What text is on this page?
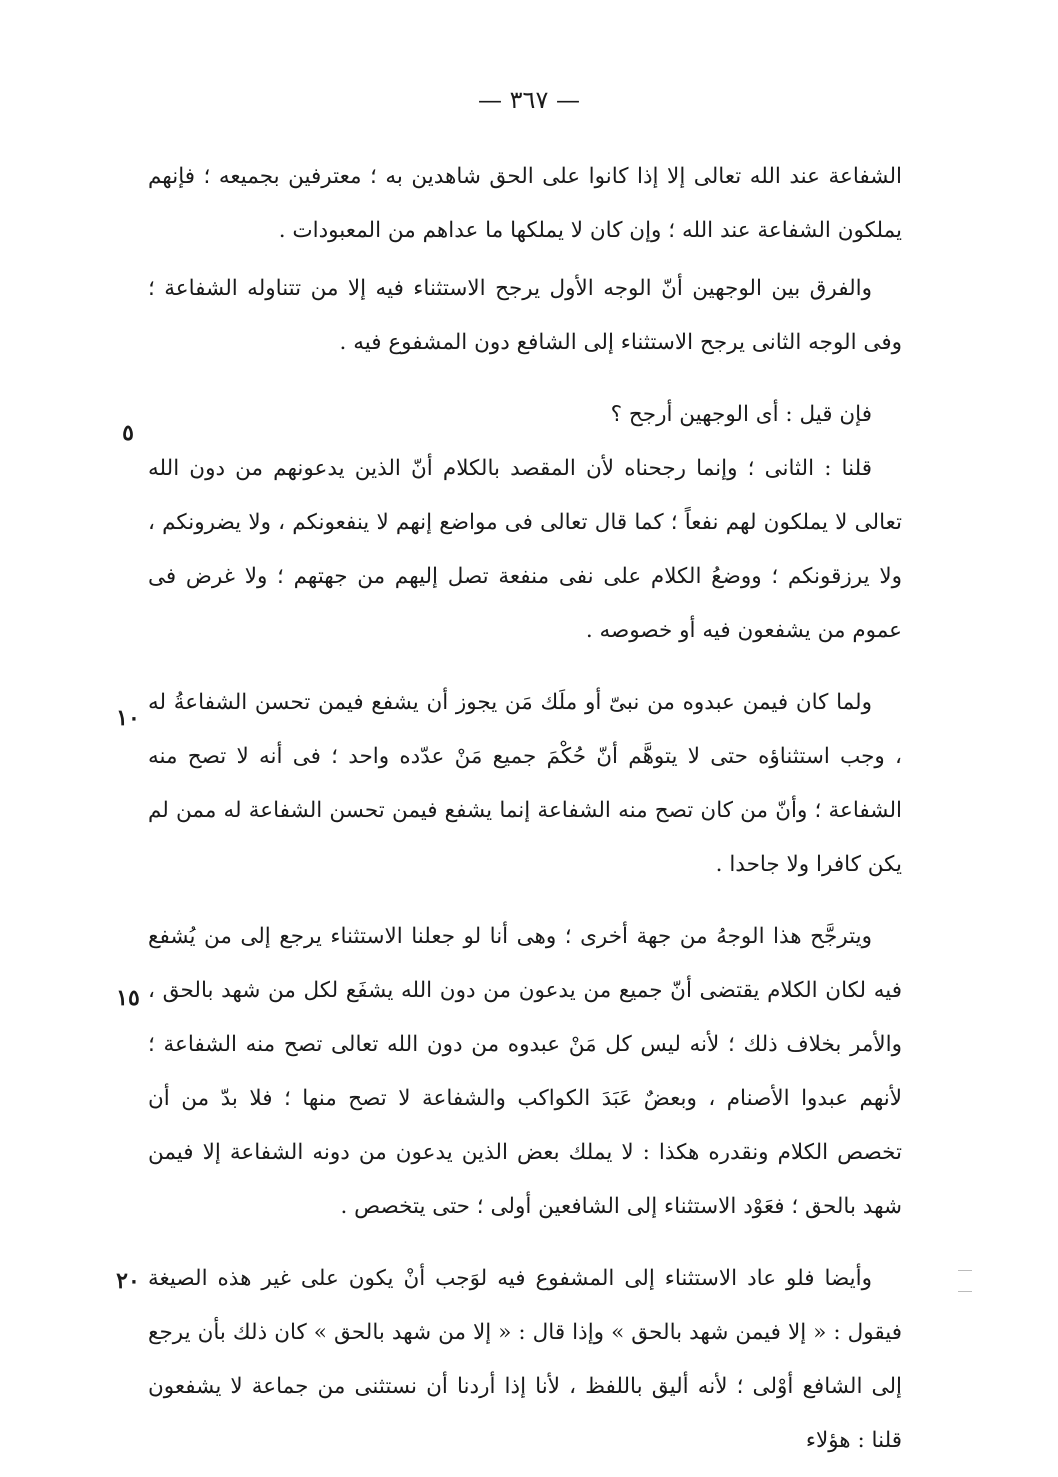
— ٣٦٧ —

الشفاعة عند الله تعالى إلا إذا كانوا على الحق شاهدين به ؛ معترفين بجميعه ؛ فإنهم يملكون الشفاعة عند الله ؛ وإن كان لا يملكها ما عداهم من المعبودات .

والفرق بين الوجهين أنّ الوجه الأول يرجح الاستثناء فيه إلا من تتناوله الشفاعة ؛ وفى الوجه الثانى يرجح الاستثناء إلى الشافع دون المشفوع فيه .

فإن قيل : أى الوجهين أرجح ؟

قلنا : الثانى ؛ وإنما رجحناه لأن المقصد بالكلام أنّ الذين يدعونهم من دون الله تعالى لا يملكون لهم نفعاً ؛ كما قال تعالى فى مواضع إنهم لا ينفعونكم ، ولا يضرونكم ، ولا يرزقونكم ؛ ووضعُ الكلام على نفى منفعة تصل إليهم من جهتهم ؛ ولا غرض فى عموم من يشفعون فيه أو خصوصه .

ولما كان فيمن عبدوه من نبىّ أو ملَك مَن يجوز أن يشفع فيمن تحسن الشفاعةُ له ، وجب استثناؤه حتى لا يتوهَّم أنّ حُكْمَ جميع مَنْ عدّده واحد ؛ فى أنه لا تصح منه الشفاعة ؛ وأنّ من كان تصح منه الشفاعة إنما يشفع فيمن تحسن الشفاعة له ممن لم يكن كافرا ولا جاحدا .

ويترجَّح هذا الوجهُ من جهة أخرى ؛ وهى أنا لو جعلنا الاستثناء يرجع إلى من يُشفع فيه لكان الكلام يقتضى أنّ جميع من يدعون من دون الله يشفَع لكل من شهد بالحق ، والأمر بخلاف ذلك ؛ لأنه ليس كل مَنْ عبدوه من دون الله تعالى تصح منه الشفاعة ؛ لأنهم عبدوا الأصنام ، وبعضٌ عَبَدَ الكواكب والشفاعة لا تصح منها ؛ فلا بدّ من أن تخصص الكلام ونقدره هكذا : لا يملك بعض الذين يدعون من دونه الشفاعة إلا فيمن شهد بالحق ؛ فعَوْد الاستثناء إلى الشافعين أولى ؛ حتى يتخصص .

وأيضا فلو عاد الاستثناء إلى المشفوع فيه لوَجب أنْ يكون على غير هذه الصيغة فيقول : « إلا فيمن شهد بالحق » وإذا قال : « إلا من شهد بالحق » كان ذلك بأن يرجع إلى الشافع أوْلى ؛ لأنه أليق باللفظ ، لأنا إذا أردنا أن نستثنى من جماعة لا يشفعون قلنا : هؤلاء

٥
١٠
١٥
٢٠
